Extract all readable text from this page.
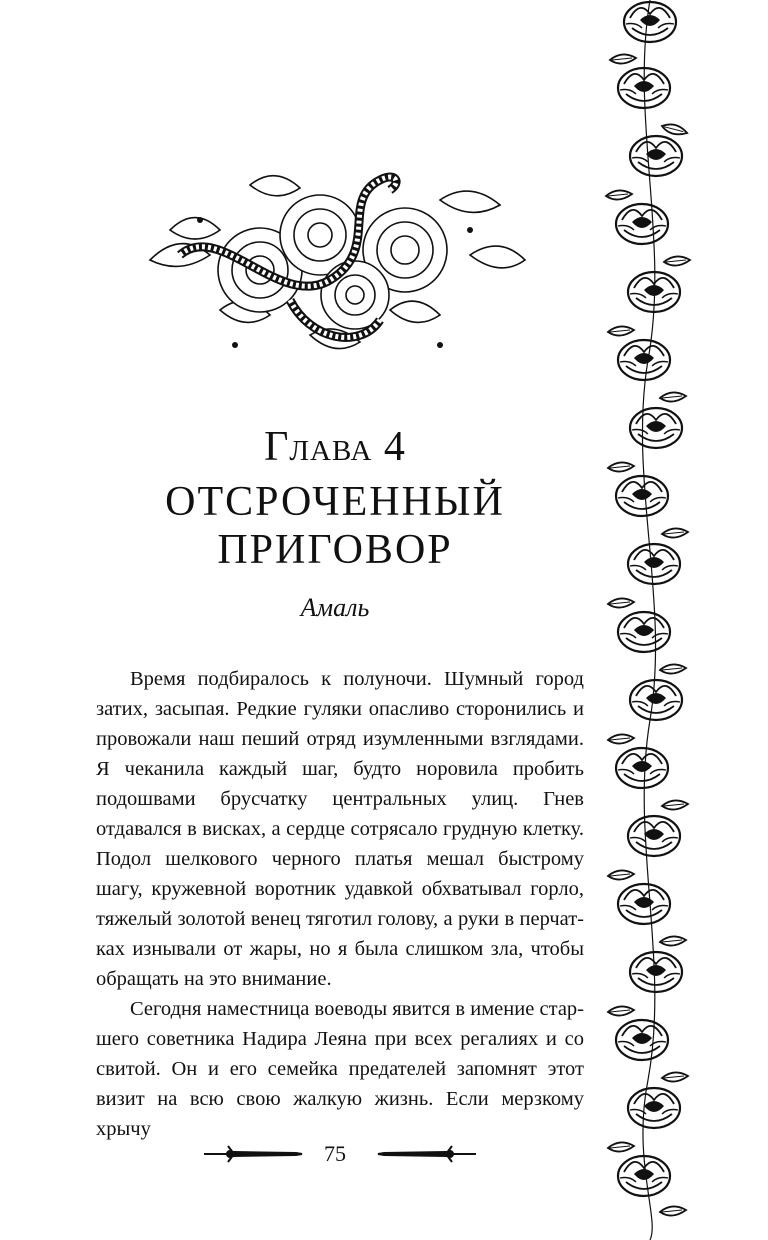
Глава 4
ОТСРОЧЕННЫЙ
ПРИГОВОР
Амаль

Время подбиралось к полуночи. Шумный город затих, засыпая. Редкие гуляки опасливо сторонились и провожали наш пеший отряд изумленными взглядами. Я чеканила каждый шаг, будто норовила пробить подошвами брусчатку центральных улиц. Гнев отдавался в висках, а сердце сотрясало грудную клетку. Подол шелкового черного платья мешал быстрому шагу, кружевной воротник удавкой обхватывал горло, тяжелый золотой венец тяготил голову, а руки в перчатках изнывали от жары, но я была слишком зла, чтобы обращать на это внимание.

Сегодня наместница воеводы явится в имение старшего советника Надира Леяна при всех регалиях и со свитой. Он и его семейка предателей запомнят этот визит на всю свою жалкую жизнь. Если мерзкому хрычу

75
